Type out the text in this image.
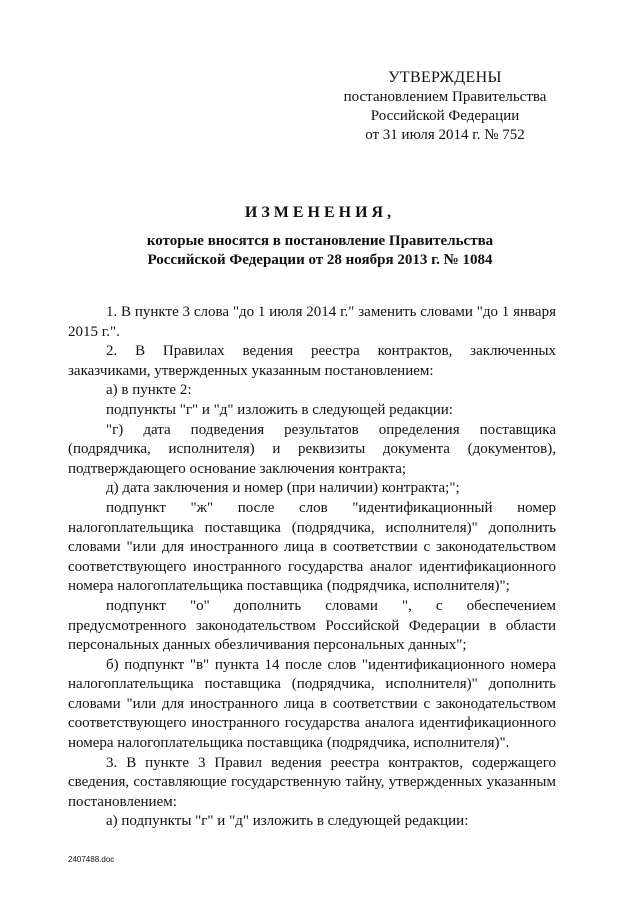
УТВЕРЖДЕНЫ
постановлением Правительства
Российской Федерации
от 31 июля 2014 г. № 752
ИЗМЕНЕНИЯ,
которые вносятся в постановление Правительства
Российской Федерации от 28 ноября 2013 г. № 1084

1. В пункте 3 слова "до 1 июля 2014 г." заменить словами "до 1 января 2015 г.".

2. В Правилах ведения реестра контрактов, заключенных заказчиками, утвержденных указанным постановлением:

а) в пункте 2:

подпункты "г" и "д" изложить в следующей редакции:

"г) дата подведения результатов определения поставщика (подрядчика, исполнителя) и реквизиты документа (документов), подтверждающего основание заключения контракта;

д) дата заключения и номер (при наличии) контракта;";

подпункт "ж" после слов "идентификационный номер налогоплательщика поставщика (подрядчика, исполнителя)" дополнить словами "или для иностранного лица в соответствии с законодательством соответствующего иностранного государства аналог идентификационного номера налогоплательщика поставщика (подрядчика, исполнителя)";

подпункт "о" дополнить словами ", с обеспечением предусмотренного законодательством Российской Федерации в области персональных данных обезличивания персональных данных";

б) подпункт "в" пункта 14 после слов "идентификационного номера налогоплательщика поставщика (подрядчика, исполнителя)" дополнить словами "или для иностранного лица в соответствии с законодательством соответствующего иностранного государства аналога идентификационного номера налогоплательщика поставщика (подрядчика, исполнителя)".

3. В пункте 3 Правил ведения реестра контрактов, содержащего сведения, составляющие государственную тайну, утвержденных указанным постановлением:

а) подпункты "г" и "д" изложить в следующей редакции:

2407488.doc
